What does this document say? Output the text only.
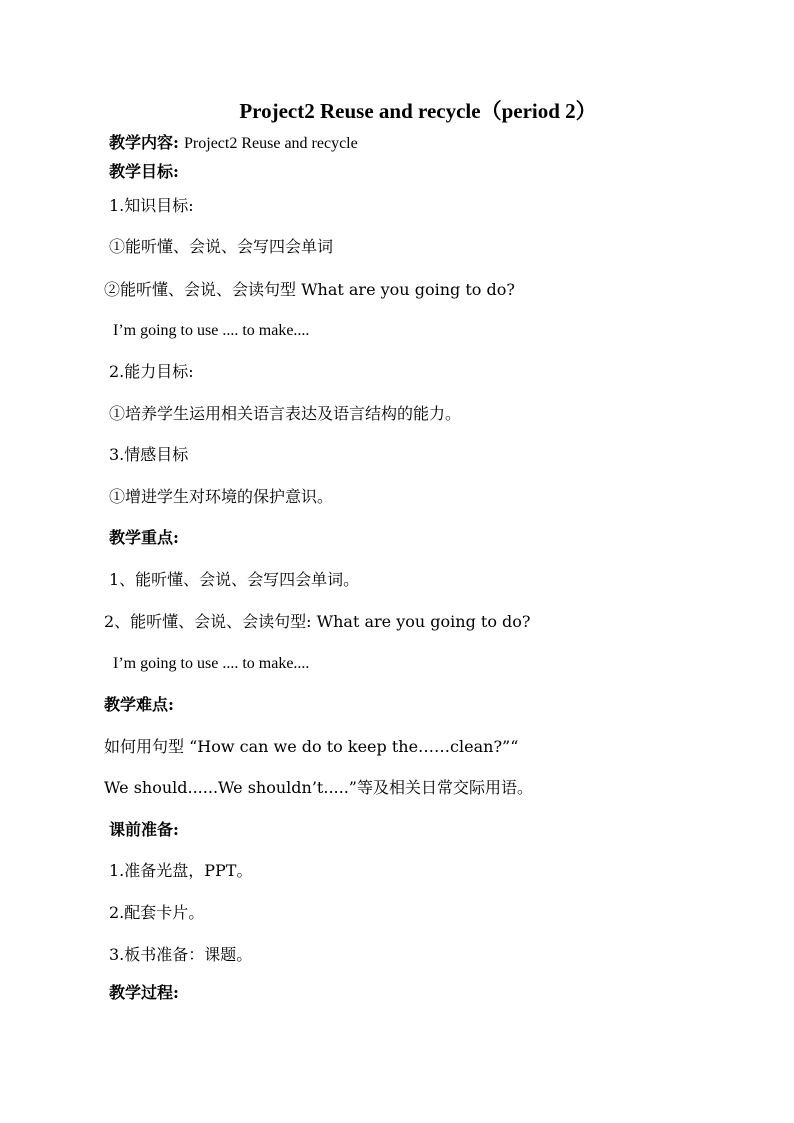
Project2 Reuse and recycle（period 2）
教学内容: Project2 Reuse and recycle
教学目标:
1.知识目标:
①能听懂、会说、会写四会单词
②能听懂、会说、会读句型 What are you going to do?
I’m going to use .... to make....
2.能力目标:
①培养学生运用相关语言表达及语言结构的能力。
3.情感目标
①增进学生对环境的保护意识。
教学重点:
1、能听懂、会说、会写四会单词。
2、能听懂、会说、会读句型: What are you going to do?
I’m going to use .... to make....
教学难点:
如何用句型 “How can we do to keep the……clean?”“
We should......We shouldn’t.....”等及相关日常交际用语。
课前准备:
1.准备光盘，PPT。
2.配套卡片。
3.板书准备：课题。
教学过程:
